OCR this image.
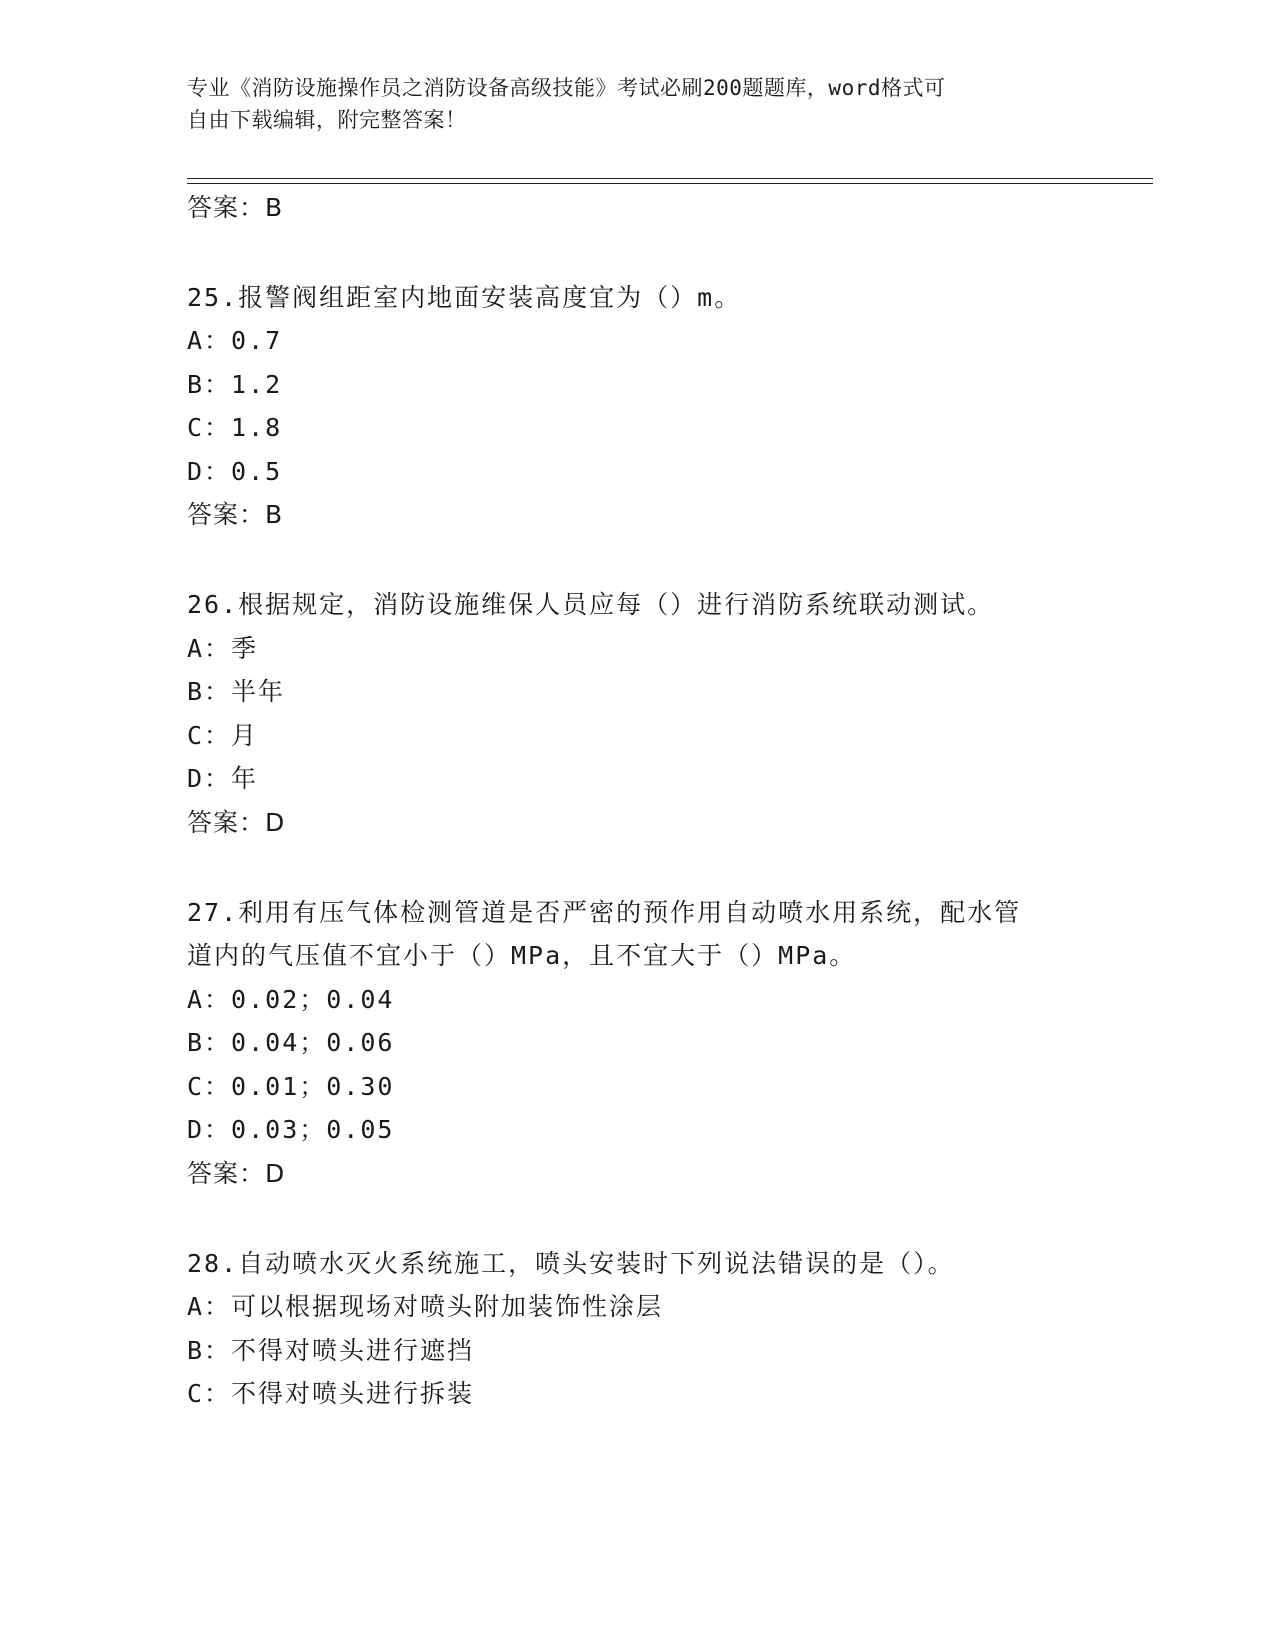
专业《消防设施操作员之消防设备高级技能》考试必刷200题题库，word格式可
自由下载编辑，附完整答案！
答案：B
25.报警阀组距室内地面安装高度宜为（）m。
A：0.7
B：1.2
C：1.8
D：0.5
答案：B
26.根据规定，消防设施维保人员应每（）进行消防系统联动测试。
A：季
B：半年
C：月
D：年
答案：D
27.利用有压气体检测管道是否严密的预作用自动喷水用系统，配水管
道内的气压值不宜小于（）MPa，且不宜大于（）MPa。
A：0.02；0.04
B：0.04；0.06
C：0.01；0.30
D：0.03；0.05
答案：D
28.自动喷水灭火系统施工，喷头安装时下列说法错误的是（）。
A：可以根据现场对喷头附加装饰性涂层
B：不得对喷头进行遮挡
C：不得对喷头进行拆装
